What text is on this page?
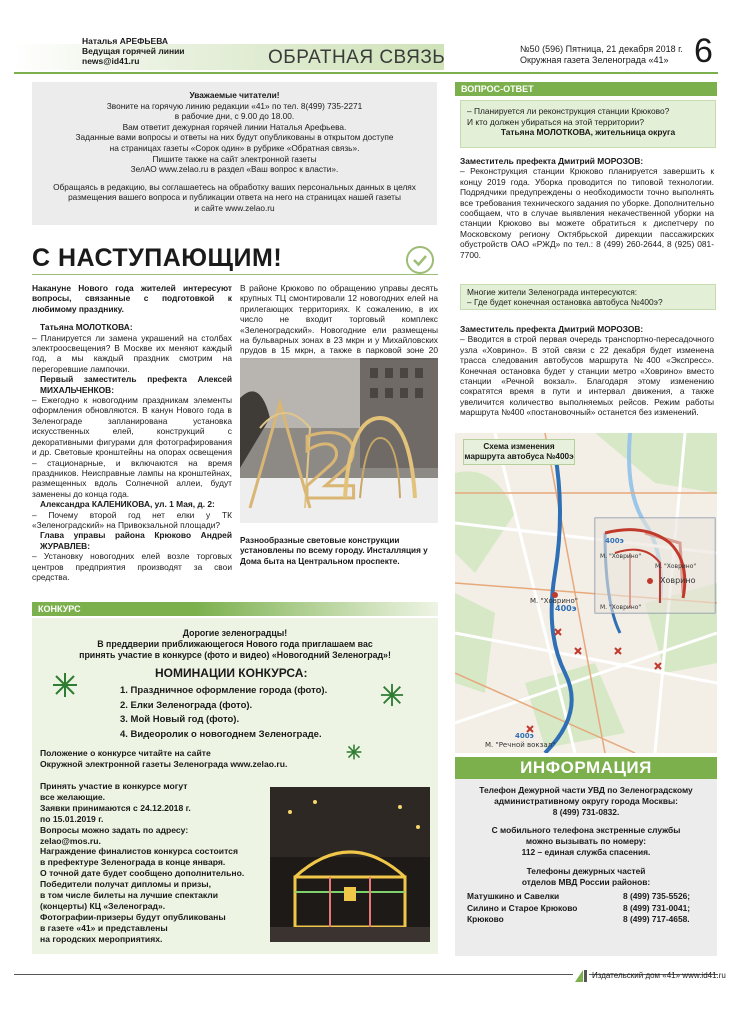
Наталья АРЕФЬЕВА
Ведущая горячей линии
news@id41.ru	ОБРАТНАЯ СВЯЗЬ	№50 (596) Пятница, 21 декабря 2018 г.
Окружная газета Зеленограда «41» 6

Уважаемые читатели!

Звоните на горячую линию редакции «41» по тел. 8(499) 735-2271

в рабочие дни, с 9.00 до 18.00.

Вам ответит дежурная горячей линии Наталья Арефьева.

Заданные вами вопросы и ответы на них будут опубликованы в открытом доступе

на страницах газеты «Сорок один» в рубрике «Обратная связь».

Пишите также на сайт электронной газеты

ЗелАО www.zelao.ru в раздел «Ваш вопрос к власти».

Обращаясь в редакцию, вы соглашаетесь на обработку ваших персональных данных в целях

размещения вашего вопроса и публикации ответа на него на страницах нашей газеты

и сайте www.zelao.ru

С НАСТУПАЮЩИМ!

Накануне Нового года жителей интересуют вопросы, связанные с подготовкой к любимому празднику.

Татьяна МОЛОТКОВА:

– Планируется ли замена украшений на столбах электроосвещения? В Москве их меняют каждый год, а мы каждый праздник смотрим на перегоревшие лампочки.

Первый заместитель префекта Алексей МИХАЛЬЧЕНКОВ:

– Ежегодно к новогодним праздникам элементы оформления обновляются. В канун Нового года в Зеленограде запланирована установка искусственных елей, конструкций с декоративными фигурами для фотографирования и др. Световые кронштейны на опорах освещения – стационарные, и включаются на время праздников. Неисправные лампы на кронштейнах, размещенных вдоль Солнечной аллеи, будут заменены до конца года.

Александра КАЛЕНИКОВА, ул. 1 Мая, д. 2:

– Почему второй год нет елки у ТК «Зеленоградский» на Привокзальной площади?

Глава управы района Крюково Андрей ЖУРАВЛЕВ:

– Установку новогодних елей возле торговых центров предприятия производят за свои средства.

В районе Крюково по обращению управы десять крупных ТЦ смонтировали 12 новогодних елей на прилегающих территориях. К сожалению, в их число не входит торговый комплекс «Зеленоградский». Новогодние ели размещены на бульварных зонах в 23 мкрн и у Михайловских прудов в 15 мкрн, а также в парковой зоне 20

2
Разнообразные световые конструкции установлены по всему городу. Инсталляция у Дома быта на Центральном проспекте.
КОНКУРС
Дорогие зеленоградцы!
В преддверии приближающегося Нового года приглашаем вас
принять участие в конкурсе (фото и видео) «Новогодний Зеленоград»!
НОМИНАЦИИ КОНКУРСА:
1. Праздничное оформление города (фото).
2. Елки Зеленограда (фото).
3. Мой Новый год (фото).
4. Видеоролик о новогоднем Зеленограде.
Положение о конкурсе читайте на сайте
Окружной электронной газеты Зеленограда www.zelao.ru.
Принять участие в конкурсе могут
все желающие.
Заявки принимаются с 24.12.2018 г.
по 15.01.2019 г.
Вопросы можно задать по адресу:
zelao@mos.ru.
Награждение финалистов конкурса состоится
в префектуре Зеленограда в конце января.
О точной дате будет сообщено дополнительно.
Победители получат дипломы и призы,
в том числе билеты на лучшие спектакли
(концерты) КЦ «Зеленоград».
Фотографии-призеры будут опубликованы
в газете «41» и представлены
на городских мероприятиях.
ВОПРОС-ОТВЕТ
– Планируется ли реконструкция станции Крюково?
И кто должен убираться на этой территории?
Татьяна МОЛОТКОВА, жительница округа

Заместитель префекта Дмитрий МОРОЗОВ:

– Реконструкция станции Крюково планируется завершить к концу 2019 года. Уборка проводится по типовой технологии. Подрядчики предупреждены о необходимости точно выполнять все требования технического задания по уборке. Дополнительно сообщаем, что в случае выявления некачественной уборки на станции Крюково вы можете обратиться к диспетчеру по Московскому региону Октябрьской дирекции пассажирских обустройств ОАО «РЖД» по тел.: 8 (499) 260-2644, 8 (925) 081-7700.

Многие жители Зеленограда интересуются:
– Где будет конечная остановка автобуса №400э?

Заместитель префекта Дмитрий МОРОЗОВ:

– Вводится в строй первая очередь транспортно-пересадочного узла «Ховрино». В этой связи с 22 декабря будет изменена трасса следования автобусов маршрута №400 «Экспресс». Конечная остановка будет у станции метро «Ховрино» вместо станции «Речной вокзал». Благодаря этому изменению сократятся время в пути и интервал движения, а также увеличится количество выполняемых рейсов. Режим работы маршрута №400 «постановочный» останется без изменений.

М. "Ховрино"
Ховрино
М. "Речной вокзал"
400э
400э
400э
М. "Ховрино"
М. "Ховрино"
М. "Ховрино"
Схема изменения
маршрута автобуса №400э
ИНФОРМАЦИЯ
Телефон Дежурной части УВД по Зеленоградскому
административному округу города Москвы:
8 (499) 731-0832.
С мобильного телефона экстренные службы
можно вызывать по номеру:
112 – единая служба спасения.
Телефоны дежурных частей
отделов МВД России районов:
Матушкино и Савелки	8 (499) 735-5526;
Силино и Старое Крюково	8 (499) 731-0041;
Крюково	8 (499) 717-4658.
Издательский дом «41» www.id41.ru
